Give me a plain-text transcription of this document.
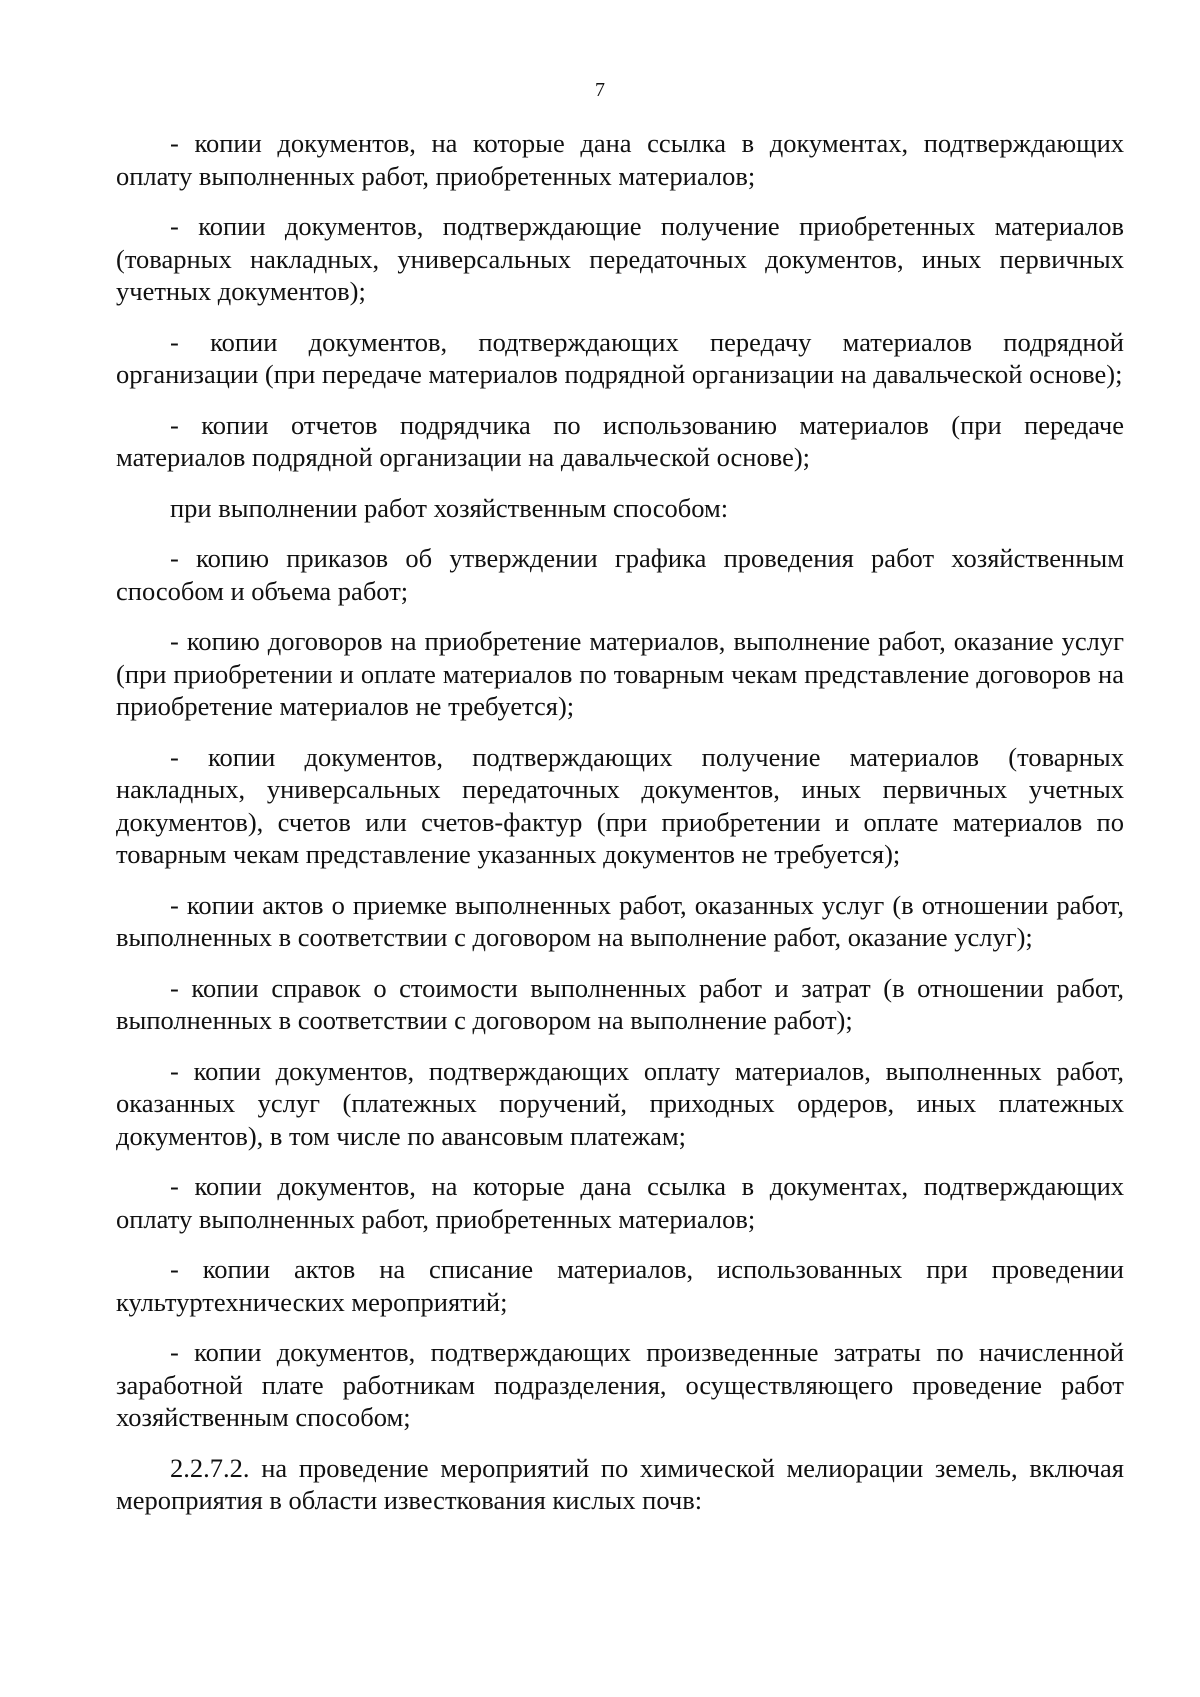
7

- копии документов, на которые дана ссылка в документах, подтверждающих оплату выполненных работ, приобретенных материалов;

- копии документов, подтверждающие получение приобретенных материалов (товарных накладных, универсальных передаточных документов, иных первичных учетных документов);

- копии документов, подтверждающих передачу материалов подрядной организации (при передаче материалов подрядной организации на давальческой основе);

- копии отчетов подрядчика по использованию материалов (при передаче материалов подрядной организации на давальческой основе);

при выполнении работ хозяйственным способом:

- копию приказов об утверждении графика проведения работ хозяйственным способом и объема работ;

- копию договоров на приобретение материалов, выполнение работ, оказание услуг (при приобретении и оплате материалов по товарным чекам представление договоров на приобретение материалов не требуется);

- копии документов, подтверждающих получение материалов (товарных накладных, универсальных передаточных документов, иных первичных учетных документов), счетов или счетов-фактур (при приобретении и оплате материалов по товарным чекам представление указанных документов не требуется);

- копии актов о приемке выполненных работ, оказанных услуг (в отношении работ, выполненных в соответствии с договором на выполнение работ, оказание услуг);

- копии справок о стоимости выполненных работ и затрат (в отношении работ, выполненных в соответствии с договором на выполнение работ);

- копии документов, подтверждающих оплату материалов, выполненных работ, оказанных услуг (платежных поручений, приходных ордеров, иных платежных документов), в том числе по авансовым платежам;

- копии документов, на которые дана ссылка в документах, подтверждающих оплату выполненных работ, приобретенных материалов;

- копии актов на списание материалов, использованных при проведении культуртехнических мероприятий;

- копии документов, подтверждающих произведенные затраты по начисленной заработной плате работникам подразделения, осуществляющего проведение работ хозяйственным способом;

2.2.7.2. на проведение мероприятий по химической мелиорации земель, включая мероприятия в области известкования кислых почв:
